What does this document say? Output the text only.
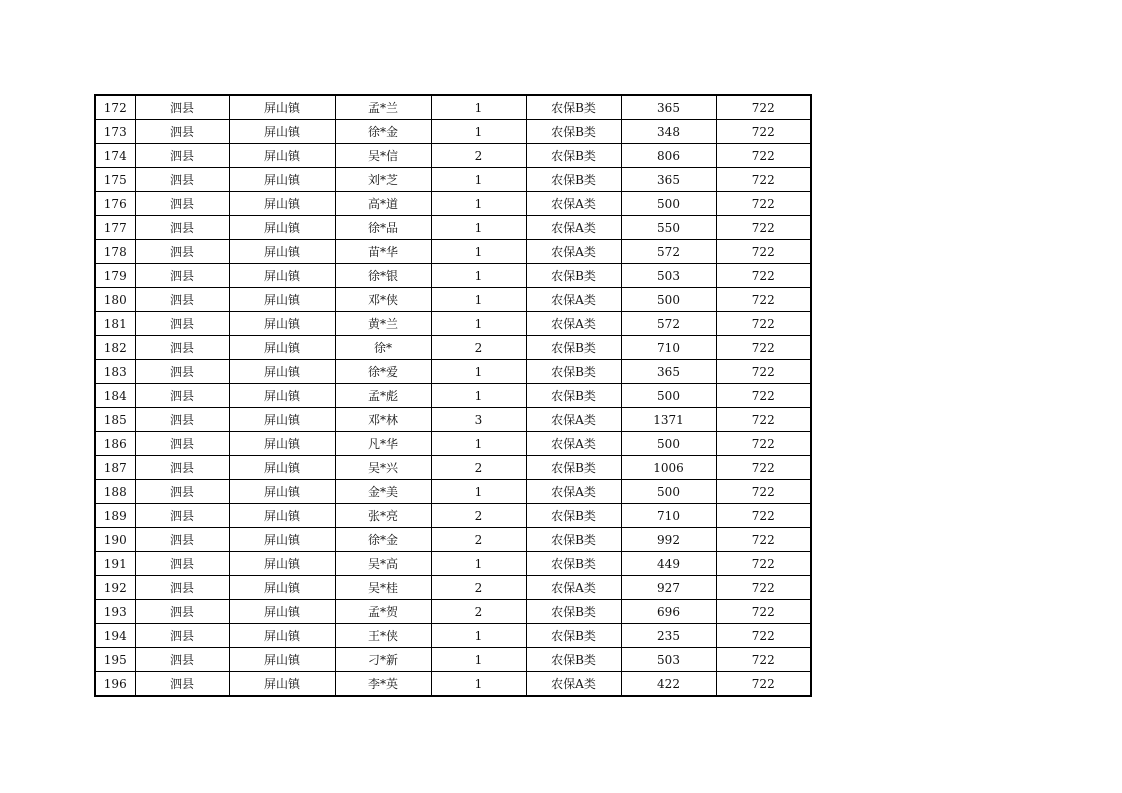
172	泗县	屏山镇	孟*兰	1	农保B类	365	722
173	泗县	屏山镇	徐*金	1	农保B类	348	722
174	泗县	屏山镇	吴*信	2	农保B类	806	722
175	泗县	屏山镇	刘*芝	1	农保B类	365	722
176	泗县	屏山镇	高*道	1	农保A类	500	722
177	泗县	屏山镇	徐*品	1	农保A类	550	722
178	泗县	屏山镇	苗*华	1	农保A类	572	722
179	泗县	屏山镇	徐*银	1	农保B类	503	722
180	泗县	屏山镇	邓*侠	1	农保A类	500	722
181	泗县	屏山镇	黄*兰	1	农保A类	572	722
182	泗县	屏山镇	徐*	2	农保B类	710	722
183	泗县	屏山镇	徐*爱	1	农保B类	365	722
184	泗县	屏山镇	孟*彪	1	农保B类	500	722
185	泗县	屏山镇	邓*林	3	农保A类	1371	722
186	泗县	屏山镇	凡*华	1	农保A类	500	722
187	泗县	屏山镇	吴*兴	2	农保B类	1006	722
188	泗县	屏山镇	金*美	1	农保A类	500	722
189	泗县	屏山镇	张*亮	2	农保B类	710	722
190	泗县	屏山镇	徐*金	2	农保B类	992	722
191	泗县	屏山镇	吴*高	1	农保B类	449	722
192	泗县	屏山镇	吴*桂	2	农保A类	927	722
193	泗县	屏山镇	孟*贺	2	农保B类	696	722
194	泗县	屏山镇	王*侠	1	农保B类	235	722
195	泗县	屏山镇	刁*新	1	农保B类	503	722
196	泗县	屏山镇	李*英	1	农保A类	422	722
